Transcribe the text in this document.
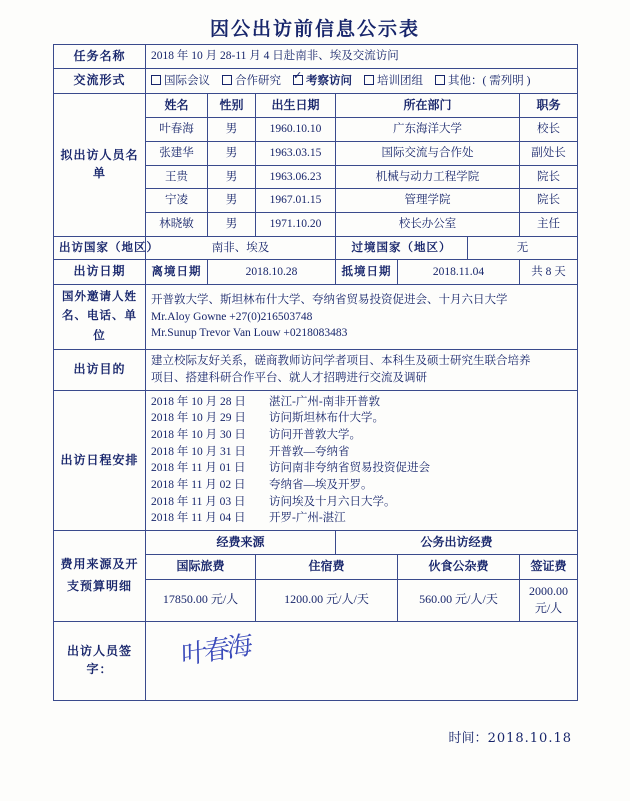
因公出访前信息公示表
任务名称	2018 年 10 月 28-11 月 4 日赴南非、埃及交流访问						
交流形式	国际会议 合作研究 ✓ 考察访问 培训团组 其他：( 需列明 )
拟出访人员名单	姓名	性别	出生日期	所在部门			职务
	叶春海	男	1960.10.10	广东海洋大学			校长
	张建华	男	1963.03.15	国际交流与合作处			副处长
	王贵	男	1963.06.23	机械与动力工程学院			院长
	宁凌	男	1967.01.15	管理学院			院长
	林晓敏	男	1971.10.20	校长办公室			主任
出访国家（地区）	南非、埃及			过境国家（地区）		无	
出访日期	离境日期	2018.10.28		抵境日期	2018.11.04		共 8 天
国外邀请人姓名、电话、单位	开普敦大学、斯坦林布什大学、夸纳省贸易投资促进会、十月六日大学
Mr.Aloy Gowne +27(0)216503748
Mr.Sunup Trevor Van Louw +0218083483						

出访目的	建立校际友好关系，磋商教师访问学者项目、本科生及硕士研究生联合培养
项目、搭建科研合作平台、就人才招聘进行交流及调研						

出访日程安排	
2018 年 10 月 28 日 湛江-广州-南非开普敦
2018 年 10 月 29 日 访问斯坦林布什大学。
2018 年 10 月 30 日 访问开普敦大学。
2018 年 10 月 31 日 开普敦—夸纳省
2018 年 11 月 01 日 访问南非夸纳省贸易投资促进会
2018 年 11 月 02 日 夸纳省—埃及开罗。
2018 年 11 月 03 日 访问埃及十月六日大学。
2018 年 11 月 04 日 开罗-广州-湛江

费用来源及开支预算明细	经费来源			公务出访经费			
	国际旅费		住宿费		伙食公杂费		签证费
	17850.00 元/人		1200.00 元/人/天		560.00 元/人/天		2000.00 元/人
出访人员签字：	叶春海						
时间：2018.10.18
